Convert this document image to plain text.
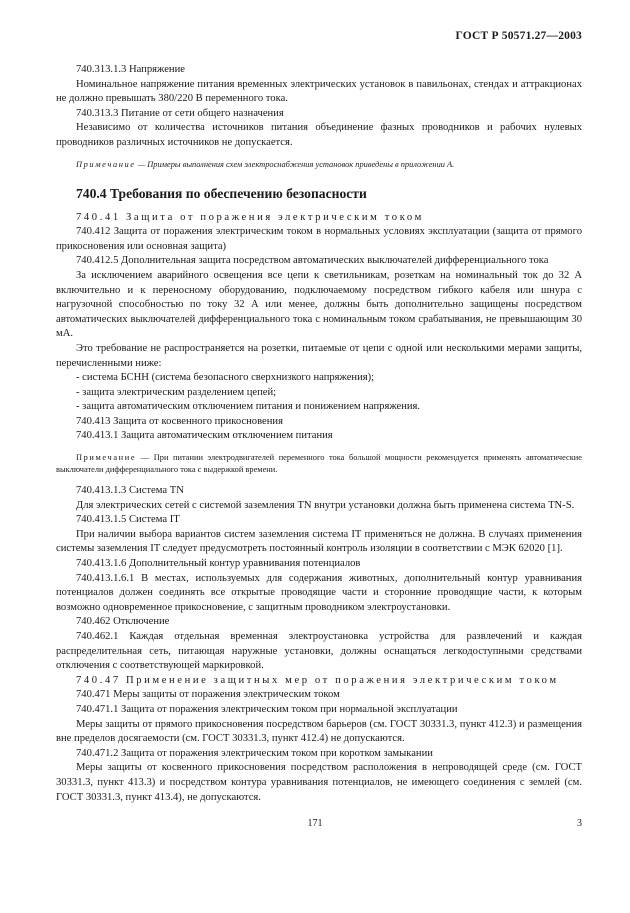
ГОСТ Р 50571.27—2003

740.313.1.3 Напряжение

Номинальное напряжение питания временных электрических установок в павильонах, стендах и аттракционах не должно превышать 380/220 В переменного тока.

740.313.3 Питание от сети общего назначения

Независимо от количества источников питания объединение фазных проводников и рабочих нулевых проводников различных источников не допускается.

Примечание — Примеры выполнения схем электроснабжения установок приведены в приложении А.

740.4 Требования по обеспечению безопасности

740.41 Защита от поражения электрическим током

740.412 Защита от поражения электрическим током в нормальных условиях эксплуатации (защита от прямого прикосновения или основная защита)

740.412.5 Дополнительная защита посредством автоматических выключателей дифференциального тока

За исключением аварийного освещения все цепи к светильникам, розеткам на номинальный ток до 32 А включительно и к переносному оборудованию, подключаемому посредством гибкого кабеля или шнура с нагрузочной способностью по току 32 А или менее, должны быть дополнительно защищены посредством автоматических выключателей дифференциального тока с номинальным током срабатывания, не превышающим 30 мА.

Это требование не распространяется на розетки, питаемые от цепи с одной или несколькими мерами защиты, перечисленными ниже:

- система БСНН (система безопасного сверхнизкого напряжения);

- защита электрическим разделением цепей;

- защита автоматическим отключением питания и понижением напряжения.

740.413 Защита от косвенного прикосновения

740.413.1 Защита автоматическим отключением питания

Примечание — При питании электродвигателей переменного тока большой мощности рекомендуется применять автоматические выключатели дифференциального тока с выдержкой времени.

740.413.1.3 Система TN

Для электрических сетей с системой заземления TN внутри установки должна быть применена система TN-S.

740.413.1.5 Система IT

При наличии выбора вариантов систем заземления система IT применяться не должна. В случаях применения системы заземления IT следует предусмотреть постоянный контроль изоляции в соответствии с МЭК 62020 [1].

740.413.1.6 Дополнительный контур уравнивания потенциалов

740.413.1.6.1 В местах, используемых для содержания животных, дополнительный контур уравнивания потенциалов должен соединять все открытые проводящие части и сторонние проводящие части, к которым возможно одновременное прикосновение, с защитным проводником электроустановки.

740.462 Отключение

740.462.1 Каждая отдельная временная электроустановка устройства для развлечений и каждая распределительная сеть, питающая наружные установки, должны оснащаться легкодоступными средствами отключения с соответствующей маркировкой.

740.47 Применение защитных мер от поражения электрическим током

740.471 Меры защиты от поражения электрическим током

740.471.1 Защита от поражения электрическим током при нормальной эксплуатации

Меры защиты от прямого прикосновения посредством барьеров (см. ГОСТ 30331.3, пункт 412.3) и размещения вне пределов досягаемости (см. ГОСТ 30331.3, пункт 412.4) не допускаются.

740.471.2 Защита от поражения электрическим током при коротком замыкании

Меры защиты от косвенного прикосновения посредством расположения в непроводящей среде (см. ГОСТ 30331.3, пункт 413.3) и посредством контура уравнивания потенциалов, не имеющего соединения с землей (см. ГОСТ 30331.3, пункт 413.4), не допускаются.

171	3
